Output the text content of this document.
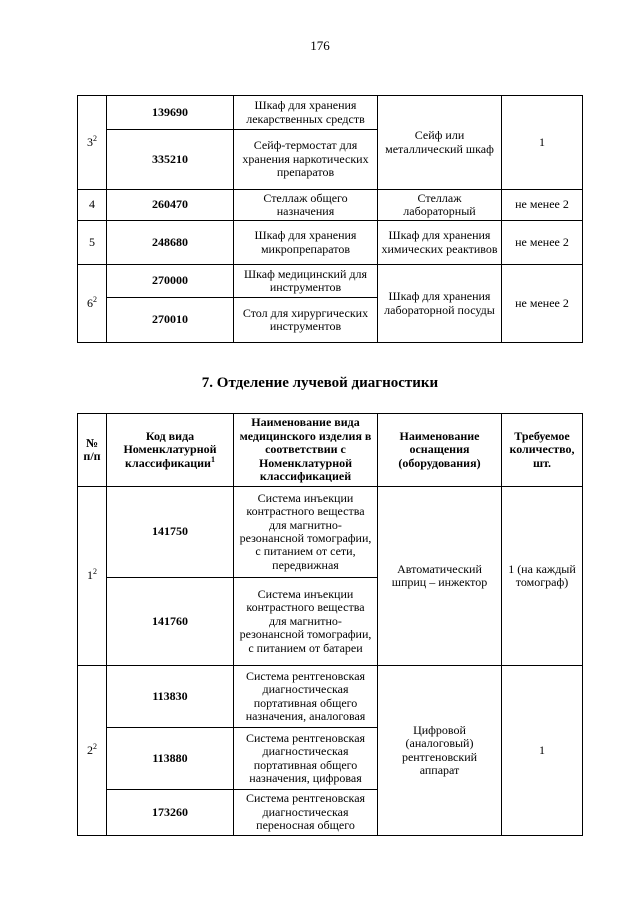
176
$3^2$	139690	Шкаф для хранения лекарственных средств	Сейф или металлический шкаф	1
	335210	Сейф-термостат для хранения наркотических препаратов		
4	260470	Стеллаж общего назначения	Стеллаж лабораторный	не менее 2
5	248680	Шкаф для хранения микропрепаратов	Шкаф для хранения химических реактивов	не менее 2
$6^2$	270000	Шкаф медицинский для инструментов	Шкаф для хранения лабораторной посуды	не менее 2
	270010	Стол для хирургических инструментов		
7. Отделение лучевой диагностики
№ п/п	Код вида Номенклатурной классификации$^1$	Наименование вида медицинского изделия в соответствии с Номенклатурной классификацией	Наименование оснащения (оборудования)	Требуемое количество, шт.
$1^2$	141750	Система инъекции контрастного вещества для магнитно-резонансной томографии, с питанием от сети, передвижная	Автоматический шприц – инжектор	1 (на каждый томограф)
	141760	Система инъекции контрастного вещества для магнитно-резонансной томографии, с питанием от батареи		
$2^2$	113830	Система рентгеновская диагностическая портативная общего назначения, аналоговая	Цифровой (аналоговый) рентгеновский аппарат	1
	113880	Система рентгеновская диагностическая портативная общего назначения, цифровая		
	173260	Система рентгеновская диагностическая переносная общего		
